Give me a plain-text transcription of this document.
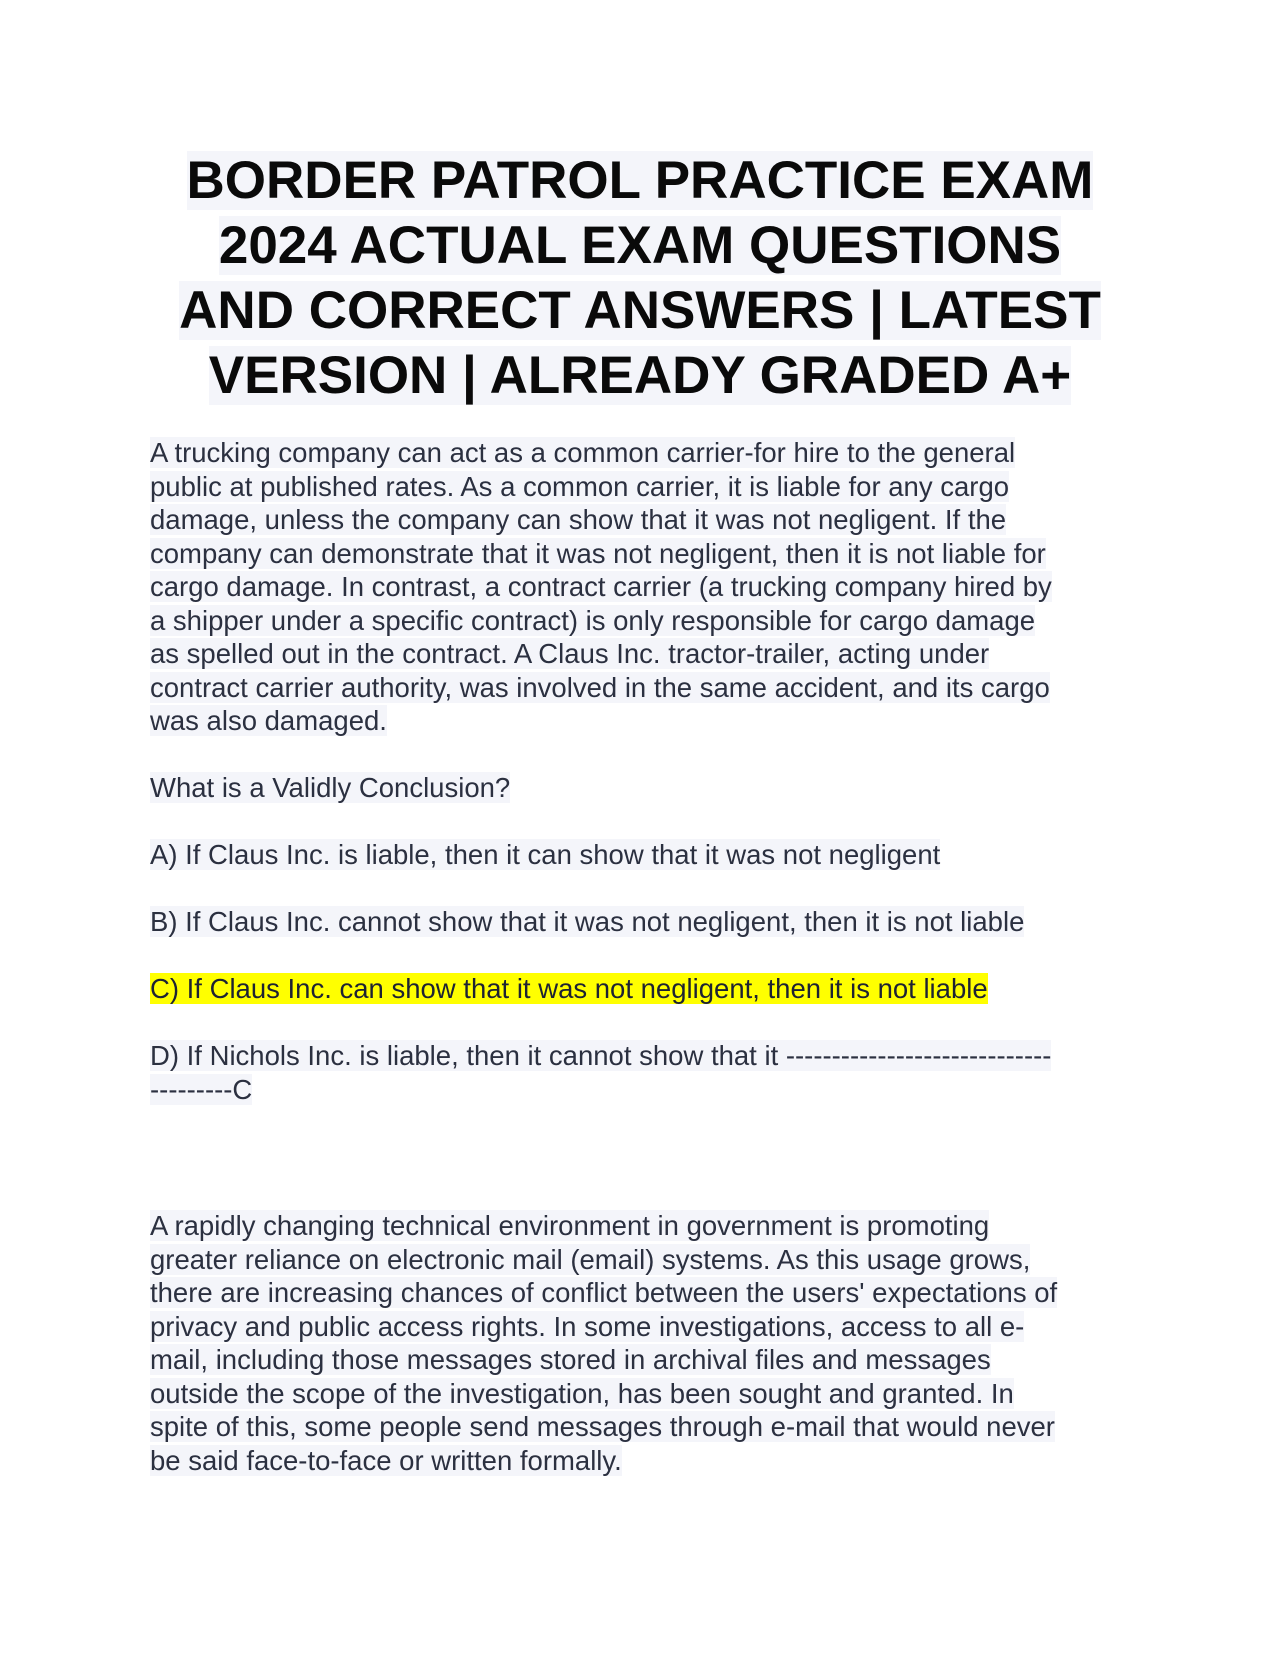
BORDER PATROL PRACTICE EXAM
2024 ACTUAL EXAM QUESTIONS
AND CORRECT ANSWERS | LATEST
VERSION | ALREADY GRADED A+

A trucking company can act as a common carrier-for hire to the general
public at published rates. As a common carrier, it is liable for any cargo
damage, unless the company can show that it was not negligent. If the
company can demonstrate that it was not negligent, then it is not liable for
cargo damage. In contrast, a contract carrier (a trucking company hired by
a shipper under a specific contract) is only responsible for cargo damage
as spelled out in the contract. A Claus Inc. tractor-trailer, acting under
contract carrier authority, was involved in the same accident, and its cargo
was also damaged.

What is a Validly Conclusion?

A) If Claus Inc. is liable, then it can show that it was not negligent

B) If Claus Inc. cannot show that it was not negligent, then it is not liable

C) If Claus Inc. can show that it was not negligent, then it is not liable

D) If Nichols Inc. is liable, then it cannot show that it -----------------------------
---------C

A rapidly changing technical environment in government is promoting
greater reliance on electronic mail (email) systems. As this usage grows,
there are increasing chances of conflict between the users' expectations of
privacy and public access rights. In some investigations, access to all e-
mail, including those messages stored in archival files and messages
outside the scope of the investigation, has been sought and granted. In
spite of this, some people send messages through e-mail that would never
be said face-to-face or written formally.
